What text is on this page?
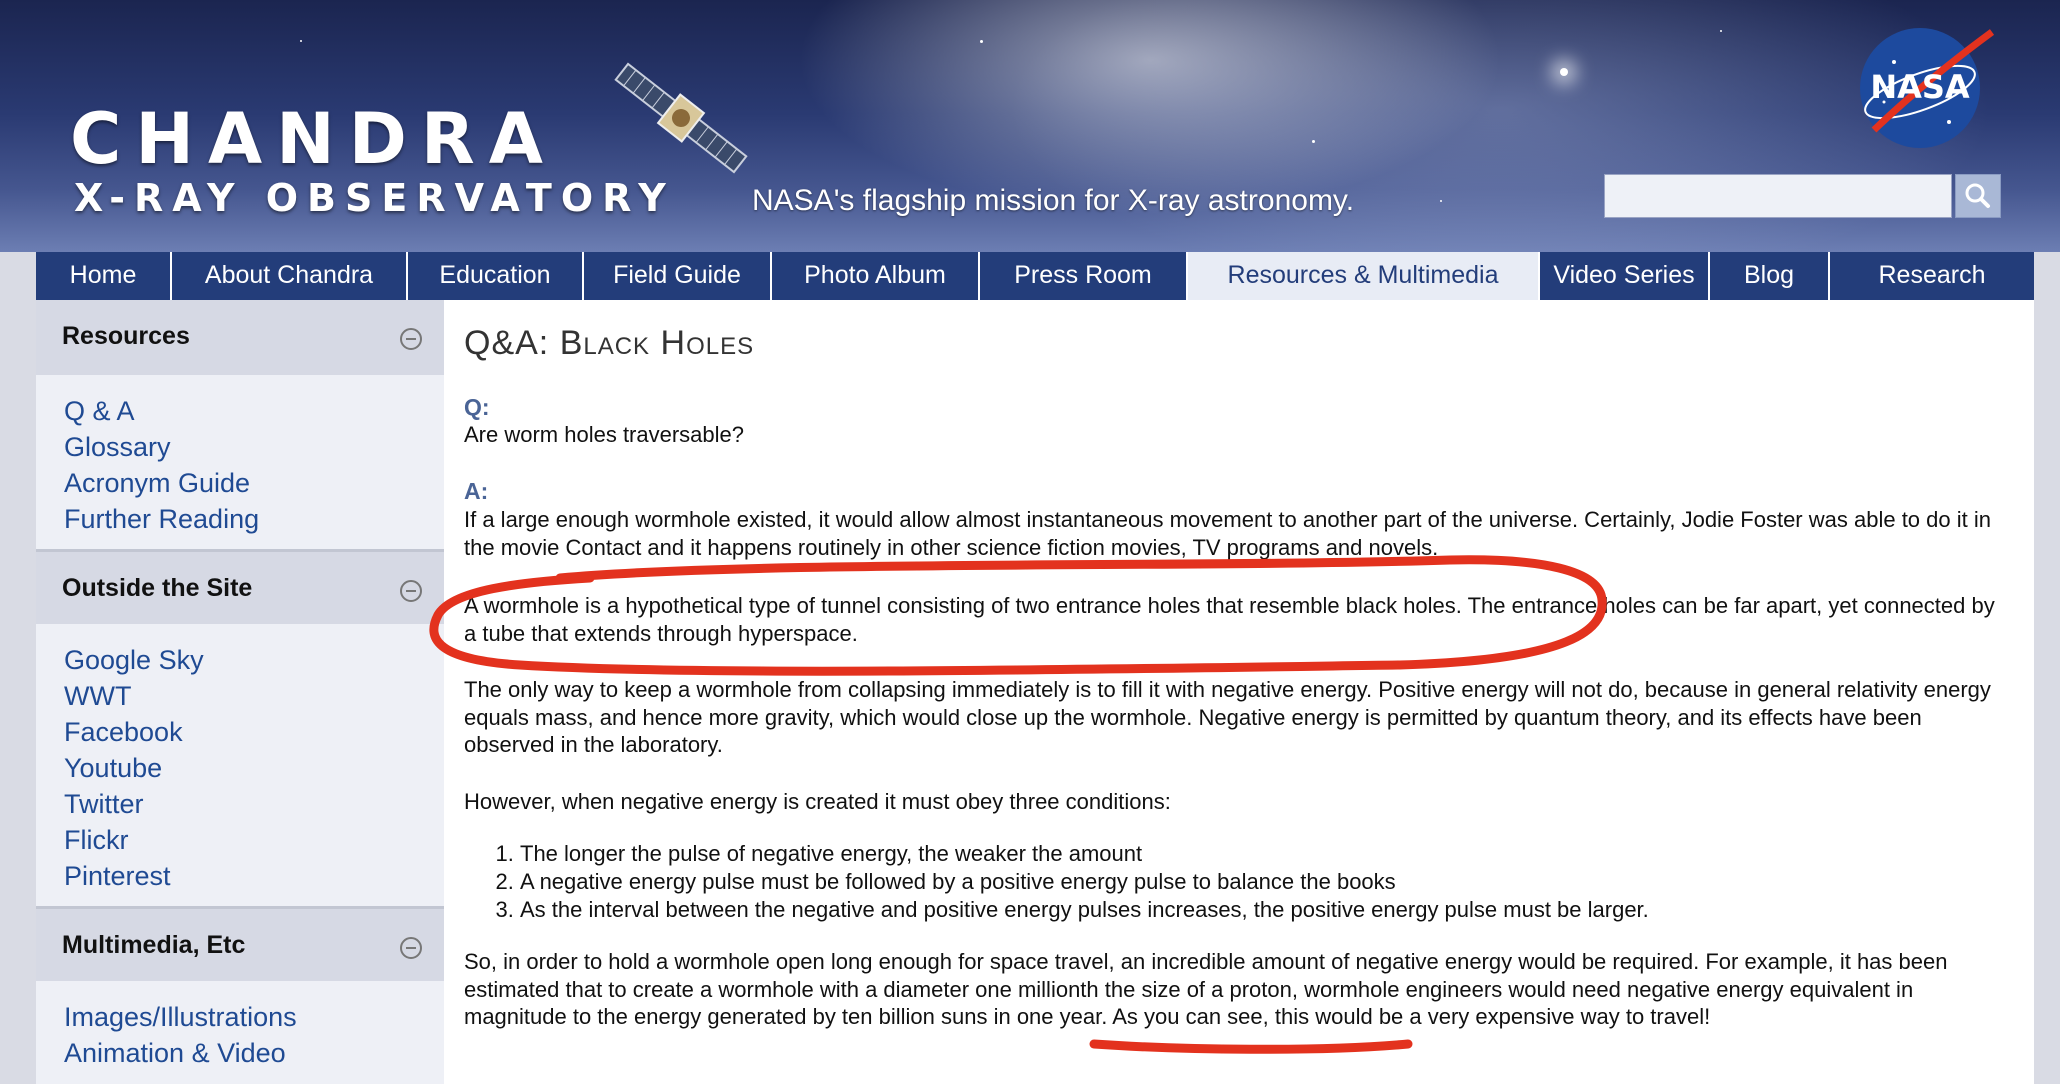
CHANDRA
X-RAY OBSERVATORY	NASA's flagship mission for X-ray astronomy.
NASA
Home	About Chandra	Education	Field Guide	Photo Album	Press Room	Resources & Multimedia	Video Series	Blog	Research
Resources
Q & A
Glossary
Acronym Guide
Further Reading
Outside the Site
Google Sky
WWT
Facebook
Youtube
Twitter
Flickr
Pinterest
Multimedia, Etc
Images/Illustrations
Animation & Video
Q&A: Black Holes
Q:

Are worm holes traversable?

A:

If a large enough wormhole existed, it would allow almost instantaneous movement to another part of the universe. Certainly, Jodie Foster was able to do it in the movie Contact and it happens routinely in other science fiction movies, TV programs and novels.

A wormhole is a hypothetical type of tunnel consisting of two entrance holes that resemble black holes. The entrance holes can be far apart, yet connected by a tube that extends through hyperspace.

The only way to keep a wormhole from collapsing immediately is to fill it with negative energy. Positive energy will not do, because in general relativity energy equals mass, and hence more gravity, which would close up the wormhole. Negative energy is permitted by quantum theory, and its effects have been observed in the laboratory.

However, when negative energy is created it must obey three conditions:

1. The longer the pulse of negative energy, the weaker the amount
2. A negative energy pulse must be followed by a positive energy pulse to balance the books
3. As the interval between the negative and positive energy pulses increases, the positive energy pulse must be larger.

So, in order to hold a wormhole open long enough for space travel, an incredible amount of negative energy would be required. For example, it has been estimated that to create a wormhole with a diameter one millionth the size of a proton, wormhole engineers would need negative energy equivalent in magnitude to the energy generated by ten billion suns in one year. As you can see, this would be a very expensive way to travel!
